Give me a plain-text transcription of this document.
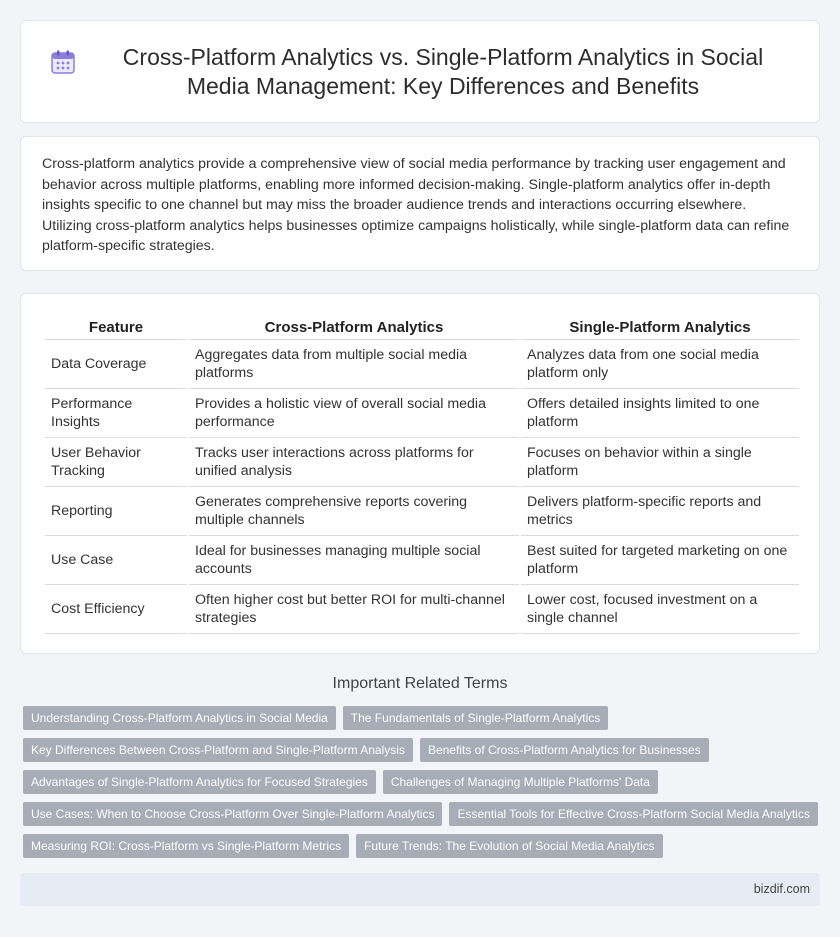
Cross-Platform Analytics vs. Single-Platform Analytics in Social Media Management: Key Differences and Benefits

Cross-platform analytics provide a comprehensive view of social media performance by tracking user engagement and behavior across multiple platforms, enabling more informed decision-making. Single-platform analytics offer in-depth insights specific to one channel but may miss the broader audience trends and interactions occurring elsewhere. Utilizing cross-platform analytics helps businesses optimize campaigns holistically, while single-platform data can refine platform-specific strategies.

Feature	Cross-Platform Analytics	Single-Platform Analytics
Data Coverage	Aggregates data from multiple social media platforms	Analyzes data from one social media platform only
Performance Insights	Provides a holistic view of overall social media performance	Offers detailed insights limited to one platform
User Behavior Tracking	Tracks user interactions across platforms for unified analysis	Focuses on behavior within a single platform
Reporting	Generates comprehensive reports covering multiple channels	Delivers platform-specific reports and metrics
Use Case	Ideal for businesses managing multiple social accounts	Best suited for targeted marketing on one platform
Cost Efficiency	Often higher cost but better ROI for multi-channel strategies	Lower cost, focused investment on a single channel
Important Related Terms
Understanding Cross-Platform Analytics in Social Media	The Fundamentals of Single-Platform Analytics
Key Differences Between Cross-Platform and Single-Platform Analysis	Benefits of Cross-Platform Analytics for Businesses
Advantages of Single-Platform Analytics for Focused Strategies	Challenges of Managing Multiple Platforms' Data
Use Cases: When to Choose Cross-Platform Over Single-Platform Analytics	Essential Tools for Effective Cross-Platform Social Media Analytics
Measuring ROI: Cross-Platform vs Single-Platform Metrics	Future Trends: The Evolution of Social Media Analytics
bizdif.com
